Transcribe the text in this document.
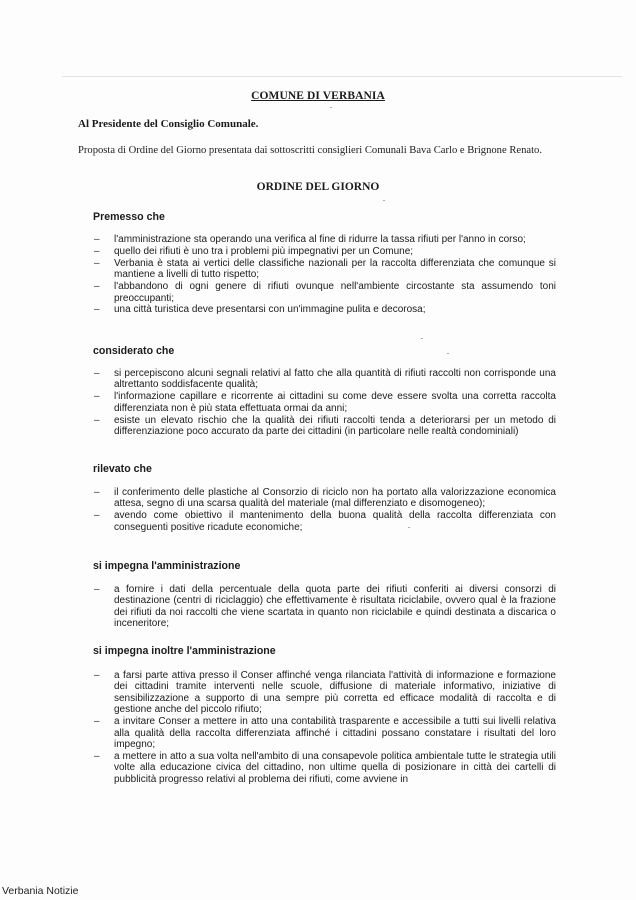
COMUNE DI VERBANIA
Al Presidente del Consiglio Comunale.
Proposta di Ordine del Giorno presentata dai sottoscritti consiglieri Comunali Bava Carlo e Brignone Renato.
ORDINE DEL GIORNO
Premesso che
– l'amministrazione sta operando una verifica al fine di ridurre la tassa rifiuti per l'anno in corso;
– quello dei rifiuti è uno tra i problemi più impegnativi per un Comune;
– Verbania è stata ai vertici delle classifiche nazionali per la raccolta differenziata che comunque si mantiene a livelli di tutto rispetto;
– l'abbandono di ogni genere di rifiuti ovunque nell'ambiente circostante sta assumendo toni preoccupanti;
– una città turistica deve presentarsi con un'immagine pulita e decorosa;
considerato che
– si percepiscono alcuni segnali relativi al fatto che alla quantità di rifiuti raccolti non corrisponde una altrettanto soddisfacente qualità;
– l'informazione capillare e ricorrente ai cittadini su come deve essere svolta una corretta raccolta differenziata non è più stata effettuata ormai da anni;
– esiste un elevato rischio che la qualità dei rifiuti raccolti tenda a deteriorarsi per un metodo di differenziazione poco accurato da parte dei cittadini (in particolare nelle realtà condominiali)
rilevato che
– il conferimento delle plastiche al Consorzio di riciclo non ha portato alla valorizzazione economica attesa, segno di una scarsa qualità del materiale (mal differenziato e disomogeneo);
– avendo come obiettivo il mantenimento della buona qualità della raccolta differenziata con conseguenti positive ricadute economiche;
si impegna l'amministrazione
– a fornire i dati della percentuale della quota parte dei rifiuti conferiti ai diversi consorzi di destinazione (centri di riciclaggio) che effettivamente è risultata riciclabile, ovvero qual è la frazione dei rifiuti da noi raccolti che viene scartata in quanto non riciclabile e quindi destinata a discarica o inceneritore;
si impegna inoltre l'amministrazione
– a farsi parte attiva presso il Conser affinché venga rilanciata l'attività di informazione e formazione dei cittadini tramite interventi nelle scuole, diffusione di materiale informativo, iniziative di sensibilizzazione a supporto di una sempre più corretta ed efficace modalità di raccolta e di gestione anche del piccolo rifiuto;
– a invitare Conser a mettere in atto una contabilità trasparente e accessibile a tutti sui livelli relativa alla qualità della raccolta differenziata affinché i cittadini possano constatare i risultati del loro impegno;
– a mettere in atto a sua volta nell'ambito di una consapevole politica ambientale tutte le strategia utili volte alla educazione civica del cittadino, non ultime quella di posizionare in città dei cartelli di pubblicità progresso relativi al problema dei rifiuti, come avviene in
Verbania Notizie
